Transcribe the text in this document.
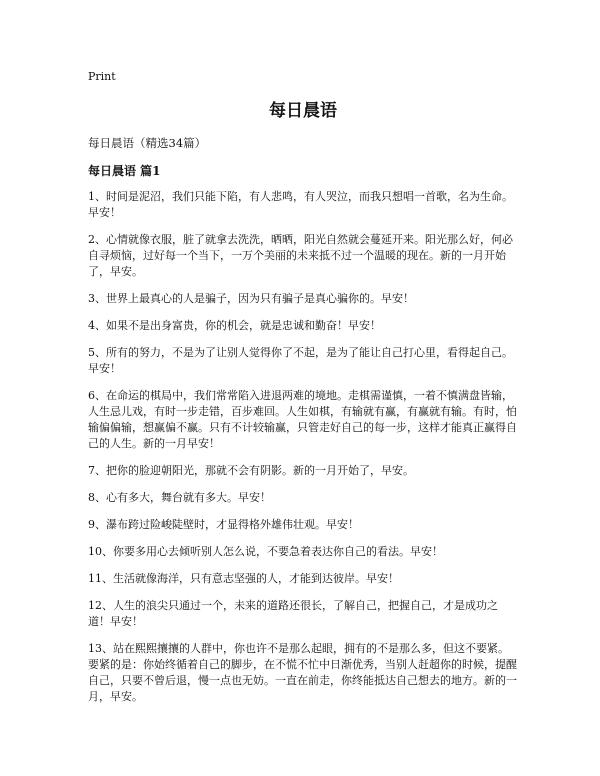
Print
每日晨语
每日晨语（精选34篇）
每日晨语 篇1

1、时间是泥沼，我们只能下陷，有人悲鸣，有人哭泣，而我只想唱一首歌，名为生命。早安！

2、心情就像衣服，脏了就拿去洗洗，晒晒，阳光自然就会蔓延开来。阳光那么好，何必自寻烦恼，过好每一个当下，一万个美丽的未来抵不过一个温暖的现在。新的一月开始了，早安。

3、世界上最真心的人是骗子，因为只有骗子是真心骗你的。早安！

4、如果不是出身富贵，你的机会，就是忠诚和勤奋！早安！

5、所有的努力，不是为了让别人觉得你了不起，是为了能让自己打心里，看得起自己。早安！

6、在命运的棋局中，我们常常陷入进退两难的境地。走棋需谨慎，一着不慎满盘皆输，人生忌儿戏，有时一步走错，百步难回。人生如棋，有输就有赢，有赢就有输。有时，怕输偏偏输，想赢偏不赢。只有不计较输赢，只管走好自己的每一步，这样才能真正赢得自己的人生。新的一月早安！

7、把你的脸迎朝阳光，那就不会有阴影。新的一月开始了，早安。

8、心有多大，舞台就有多大。早安！

9、瀑布跨过险峻陡壁时，才显得格外雄伟壮观。早安！

10、你要多用心去倾听别人怎么说，不要急着表达你自己的看法。早安！

11、生活就像海洋，只有意志坚强的人，才能到达彼岸。早安！

12、人生的浪尖只通过一个，未来的道路还很长，了解自己，把握自己，才是成功之道！早安！

13、站在熙熙攘攘的人群中，你也许不是那么起眼，拥有的不是那么多，但这不要紧。要紧的是：你始终循着自己的脚步，在不慌不忙中日渐优秀，当别人赶超你的时候，提醒自己，只要不曾后退，慢一点也无妨。一直在前走，你终能抵达自己想去的地方。新的一月，早安。
